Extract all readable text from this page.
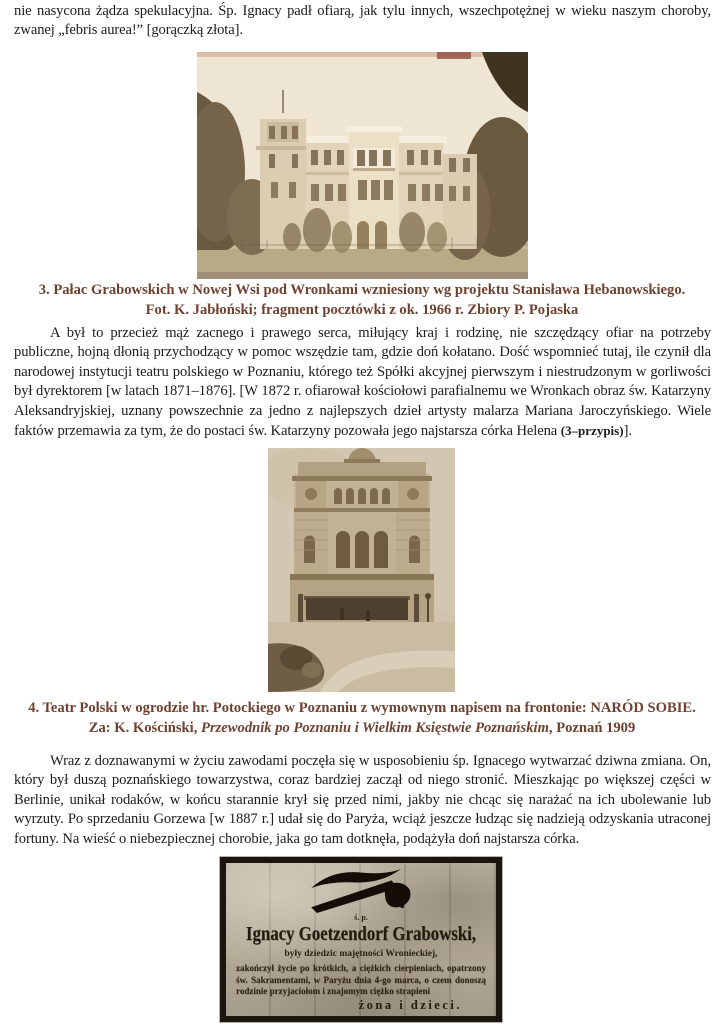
nie nasycona żądza spekulacyjna. Śp. Ignacy padł ofiarą, jak tylu innych, wszechpotężnej w wieku naszym choroby, zwanej „febris aurea!” [gorączką złota].

3. Pałac Grabowskich w Nowej Wsi pod Wronkami wzniesiony wg projektu Stanisława Hebanowskiego.
Fot. K. Jabłoński; fragment pocztówki z ok. 1966 r. Zbiory P. Pojaska

A był to przecież mąż zacnego i prawego serca, miłujący kraj i rodzinę, nie szczędzący ofiar na potrzeby publiczne, hojną dłonią przychodzący w pomoc wszędzie tam, gdzie doń kołatano. Dość wspomnieć tutaj, ile czynił dla narodowej instytucji teatru polskiego w Poznaniu, którego też Spółki akcyjnej pierwszym i niestrudzonym w gorliwości był dyrektorem [w latach 1871–1876]. [W 1872 r. ofiarował kościołowi parafialnemu we Wronkach obraz św. Katarzyny Aleksandryjskiej, uznany powszechnie za jedno z najlepszych dzieł artysty malarza Mariana Jaroczyńskiego. Wiele faktów przemawia za tym, że do postaci św. Katarzyny pozowała jego najstarsza córka Helena (3–przypis)].

4. Teatr Polski w ogrodzie hr. Potockiego w Poznaniu z wymownym napisem na frontonie: NARÓD SOBIE.
Za: K. Kościński, Przewodnik po Poznaniu i Wielkim Księstwie Poznańskim, Poznań 1909

Wraz z doznawanymi w życiu zawodami poczęła się w usposobieniu śp. Ignacego wytwarzać dziwna zmiana. On, który był duszą poznańskiego towarzystwa, coraz bardziej zaczął od niego stronić. Mieszkając po większej części w Berlinie, unikał rodaków, w końcu starannie krył się przed nimi, jakby nie chcąc się narażać na ich ubolewanie lub wyrzuty. Po sprzedaniu Gorzewa [w 1887 r.] udał się do Paryża, wciąż jeszcze łudząc się nadzieją odzyskania utraconej fortuny. Na wieść o niebezpiecznej chorobie, jaka go tam dotknęła, podążyła doń najstarsza córka.

ś. p.
Ignacy Goetzendorf Grabowski,
były dziedzic majętności Wronieckiej,
zakończył życie po krótkich, a ciężkich cierpieniach, opatrzony św. Sakramentami, w Paryżu dnia 4-go marca, o czem donoszą rodzinie przyjaciołom i znajomym ciężko strapieni
żona i dzieci.
